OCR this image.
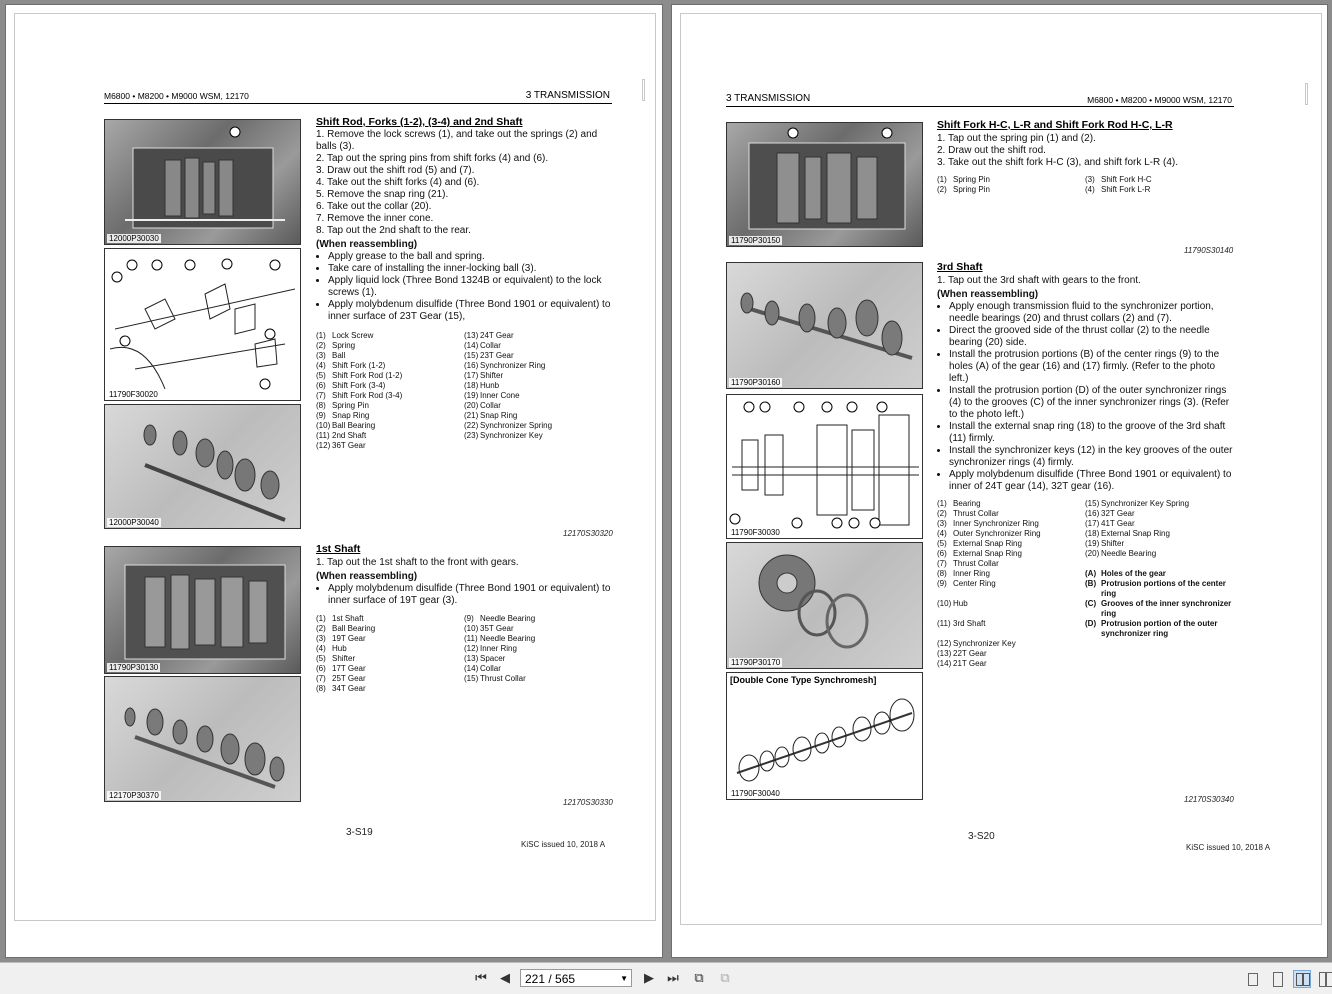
M6800 • M8200 • M9000 WSM, 12170	3 TRANSMISSION
12000P30030
11790F30020
12000P30040
11790P30130
12170P30370
Shift Rod, Forks (1-2), (3-4) and 2nd Shaft
1. Remove the lock screws (1), and take out the springs (2) and balls (3).
2. Tap out the spring pins from shift forks (4) and (6).
3. Draw out the shift rod (5) and (7).
4. Take out the shift forks (4) and (6).
5. Remove the snap ring (21).
6. Take out the collar (20).
7. Remove the inner cone.
8. Tap out the 2nd shaft to the rear.
(When reassembling)
• Apply grease to the ball and spring.
• Take care of installing the inner-locking ball (3).
• Apply liquid lock (Three Bond 1324B or equivalent) to the lock screws (1).
• Apply molybdenum disulfide (Three Bond 1901 or equivalent) to inner surface of 23T Gear (15),
(1)	Lock Screw	(13)	24T Gear
(2)	Spring	(14)	Collar
(3)	Ball	(15)	23T Gear
(4)	Shift Fork (1-2)	(16)	Synchronizer Ring
(5)	Shift Fork Rod (1-2)	(17)	Shifter
(6)	Shift Fork (3-4)	(18)	Hunb
(7)	Shift Fork Rod (3-4)	(19)	Inner Cone
(8)	Spring Pin	(20)	Collar
(9)	Snap Ring	(21)	Snap Ring
(10)	Ball Bearing	(22)	Synchronizer Spring
(11)	2nd Shaft	(23)	Synchronizer Key
(12)	36T Gear		
12170S30320
1st Shaft
1. Tap out the 1st shaft to the front with gears.
(When reassembling)
• Apply molybdenum disulfide (Three Bond 1901 or equivalent) to inner surface of 19T gear (3).
(1)	1st Shaft	(9)	Needle Bearing
(2)	Ball Bearing	(10)	35T Gear
(3)	19T Gear	(11)	Needle Bearing
(4)	Hub	(12)	Inner Ring
(5)	Shifter	(13)	Spacer
(6)	17T Gear	(14)	Collar
(7)	25T Gear	(15)	Thrust Collar
(8)	34T Gear		
12170S30330
3-S19
KiSC issued 10, 2018 A
3 TRANSMISSION	M6800 • M8200 • M9000 WSM, 12170
11790P30150
11790P30160
11790F30030
11790P30170
[Double Cone Type Synchromesh]
11790F30040
Shift Fork H-C, L-R and Shift Fork Rod H-C, L-R
1. Tap out the spring pin (1) and (2).
2. Draw out the shift rod.
3. Take out the shift fork H-C (3), and shift fork L-R (4).
(1)	Spring Pin	(3)	Shift Fork H-C
(2)	Spring Pin	(4)	Shift Fork L-R
11790S30140
3rd Shaft
1. Tap out the 3rd shaft with gears to the front.
(When reassembling)
• Apply enough transmission fluid to the synchronizer portion, needle bearings (20) and thrust collars (2) and (7).
• Direct the grooved side of the thrust collar (2) to the needle bearing (20) side.
• Install the protrusion portions (B) of the center rings (9) to the holes (A) of the gear (16) and (17) firmly. (Refer to the photo left.)
• Install the protrusion portion (D) of the outer synchronizer rings (4) to the grooves (C) of the inner synchronizer rings (3). (Refer to the photo left.)
• Install the external snap ring (18) to the groove of the 3rd shaft (11) firmly.
• Install the synchronizer keys (12) in the key grooves of the outer synchronizer rings (4) firmly.
• Apply molybdenum disulfide (Three Bond 1901 or equivalent) to inner of 24T gear (14), 32T gear (16).
(1)	Bearing	(15)	Synchronizer Key Spring
(2)	Thrust Collar	(16)	32T Gear
(3)	Inner Synchronizer Ring	(17)	41T Gear
(4)	Outer Synchronizer Ring	(18)	External Snap Ring
(5)	External Snap Ring	(19)	Shifter
(6)	External Snap Ring	(20)	Needle Bearing
(7)	Thrust Collar		
(8)	Inner Ring	(A)	Holes of the gear
(9)	Center Ring	(B)	Protrusion portions of the center ring
(10)	Hub	(C)	Grooves of the inner synchronizer ring
(11)	3rd Shaft	(D)	Protrusion portion of the outer synchronizer ring
(12)	Synchronizer Key		
(13)	22T Gear		
(14)	21T Gear		
12170S30340
3-S20
KiSC issued 10, 2018 A
⏮ ◀	221 / 565	▼ ▶ ⏭ ⧉ ⧉
